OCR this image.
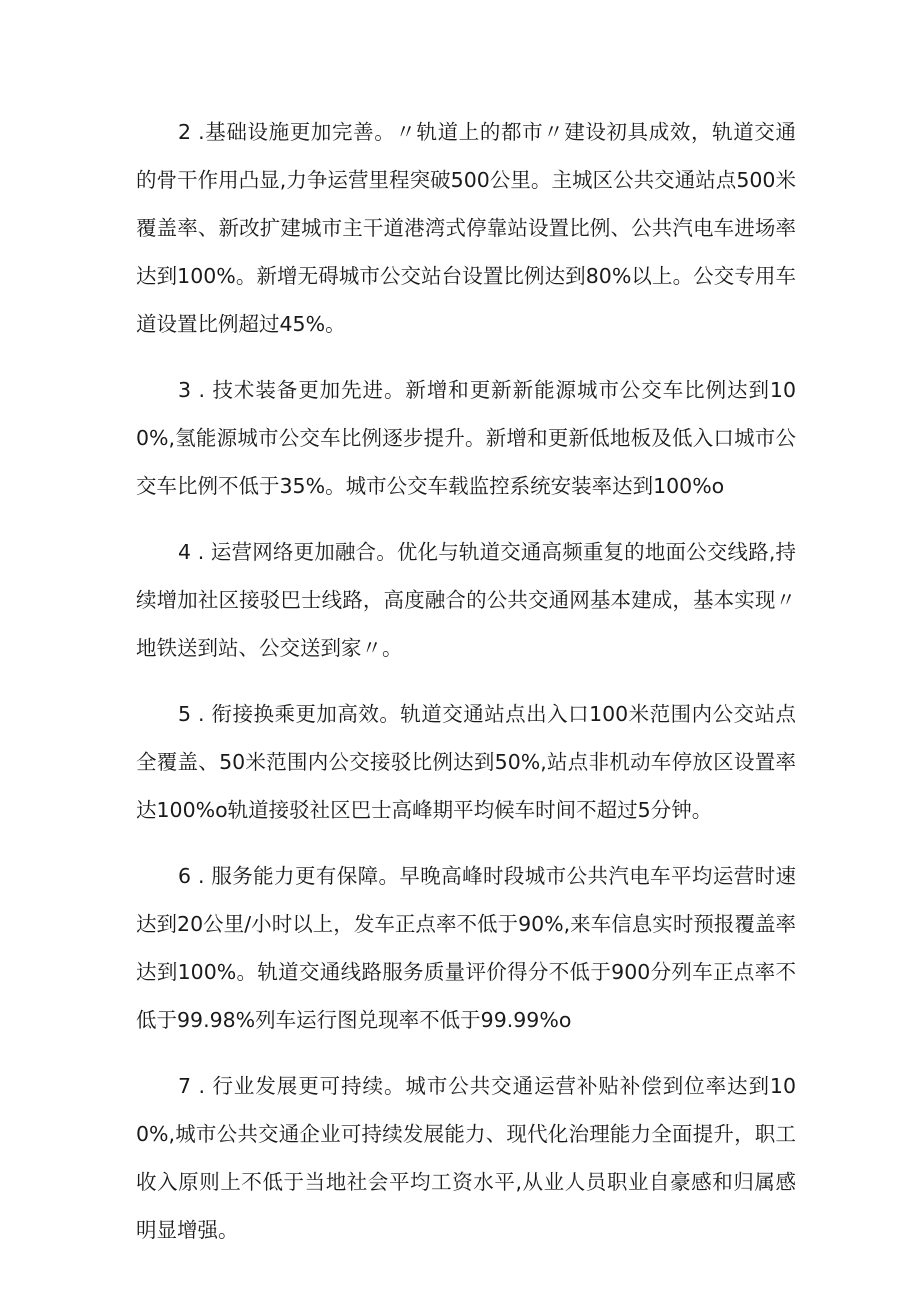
2 .基础设施更加完善。〃轨道上的都市〃建设初具成效，轨道交通的骨干作用凸显,力争运营里程突破500公里。主城区公共交通站点500米覆盖率、新改扩建城市主干道港湾式停靠站设置比例、公共汽电车进场率达到100%。新增无碍城市公交站台设置比例达到80%以上。公交专用车道设置比例超过45%。

3 . 技术装备更加先进。新增和更新新能源城市公交车比例达到100%,氢能源城市公交车比例逐步提升。新增和更新低地板及低入口城市公交车比例不低于35%。城市公交车载监控系统安装率达到100%o

4 . 运营网络更加融合。优化与轨道交通高频重复的地面公交线路,持续增加社区接驳巴士线路，高度融合的公共交通网基本建成，基本实现〃地铁送到站、公交送到家〃。

5 . 衔接换乘更加高效。轨道交通站点出入口100米范围内公交站点全覆盖、50米范围内公交接驳比例达到50%,站点非机动车停放区设置率达100%o轨道接驳社区巴士高峰期平均候车时间不超过5分钟。

6 . 服务能力更有保障。早晚高峰时段城市公共汽电车平均运营时速达到20公里/小时以上，发车正点率不低于90%,来车信息实时预报覆盖率达到100%。轨道交通线路服务质量评价得分不低于900分列车正点率不低于99.98%列车运行图兑现率不低于99.99%o

7 . 行业发展更可持续。城市公共交通运营补贴补偿到位率达到100%,城市公共交通企业可持续发展能力、现代化治理能力全面提升，职工收入原则上不低于当地社会平均工资水平,从业人员职业自豪感和归属感明显增强。
